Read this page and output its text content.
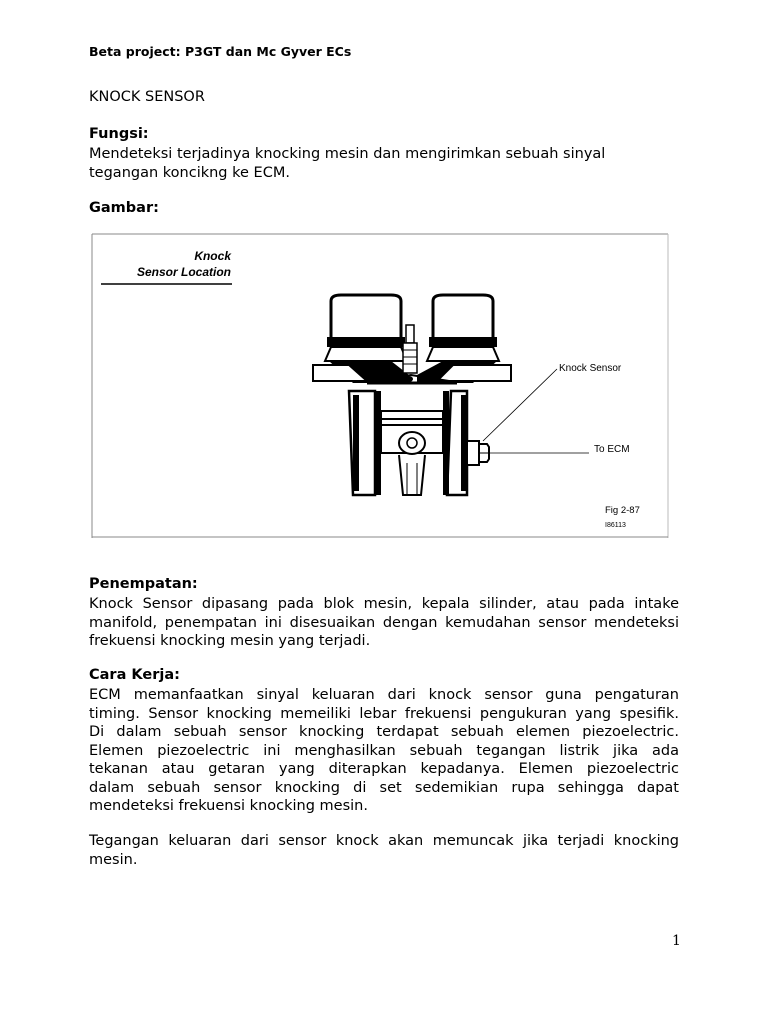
Beta project: P3GT dan Mc Gyver ECs
KNOCK SENSOR
Fungsi:
Mendeteksi terjadinya knocking mesin dan mengirimkan sebuah sinyal
tegangan koncikng ke ECM.
Gambar:
Knock
Sensor Location
Knock Sensor
To ECM
Fig 2-87
I86113
Penempatan:
Knock Sensor dipasang pada blok mesin, kepala silinder, atau pada intake
manifold, penempatan ini disesuaikan dengan kemudahan sensor mendeteksi
frekuensi knocking mesin yang terjadi.
Cara Kerja:
ECM memanfaatkan sinyal keluaran dari knock sensor guna pengaturan
timing. Sensor knocking memeiliki lebar frekuensi pengukuran yang spesifik.
Di dalam sebuah sensor knocking terdapat sebuah elemen piezoelectric.
Elemen piezoelectric ini menghasilkan sebuah tegangan listrik jika ada
tekanan atau getaran yang diterapkan kepadanya. Elemen piezoelectric
dalam sebuah sensor knocking di set sedemikian rupa sehingga dapat
mendeteksi frekuensi knocking mesin.
Tegangan keluaran dari sensor knock akan memuncak jika terjadi knocking
mesin.
1
